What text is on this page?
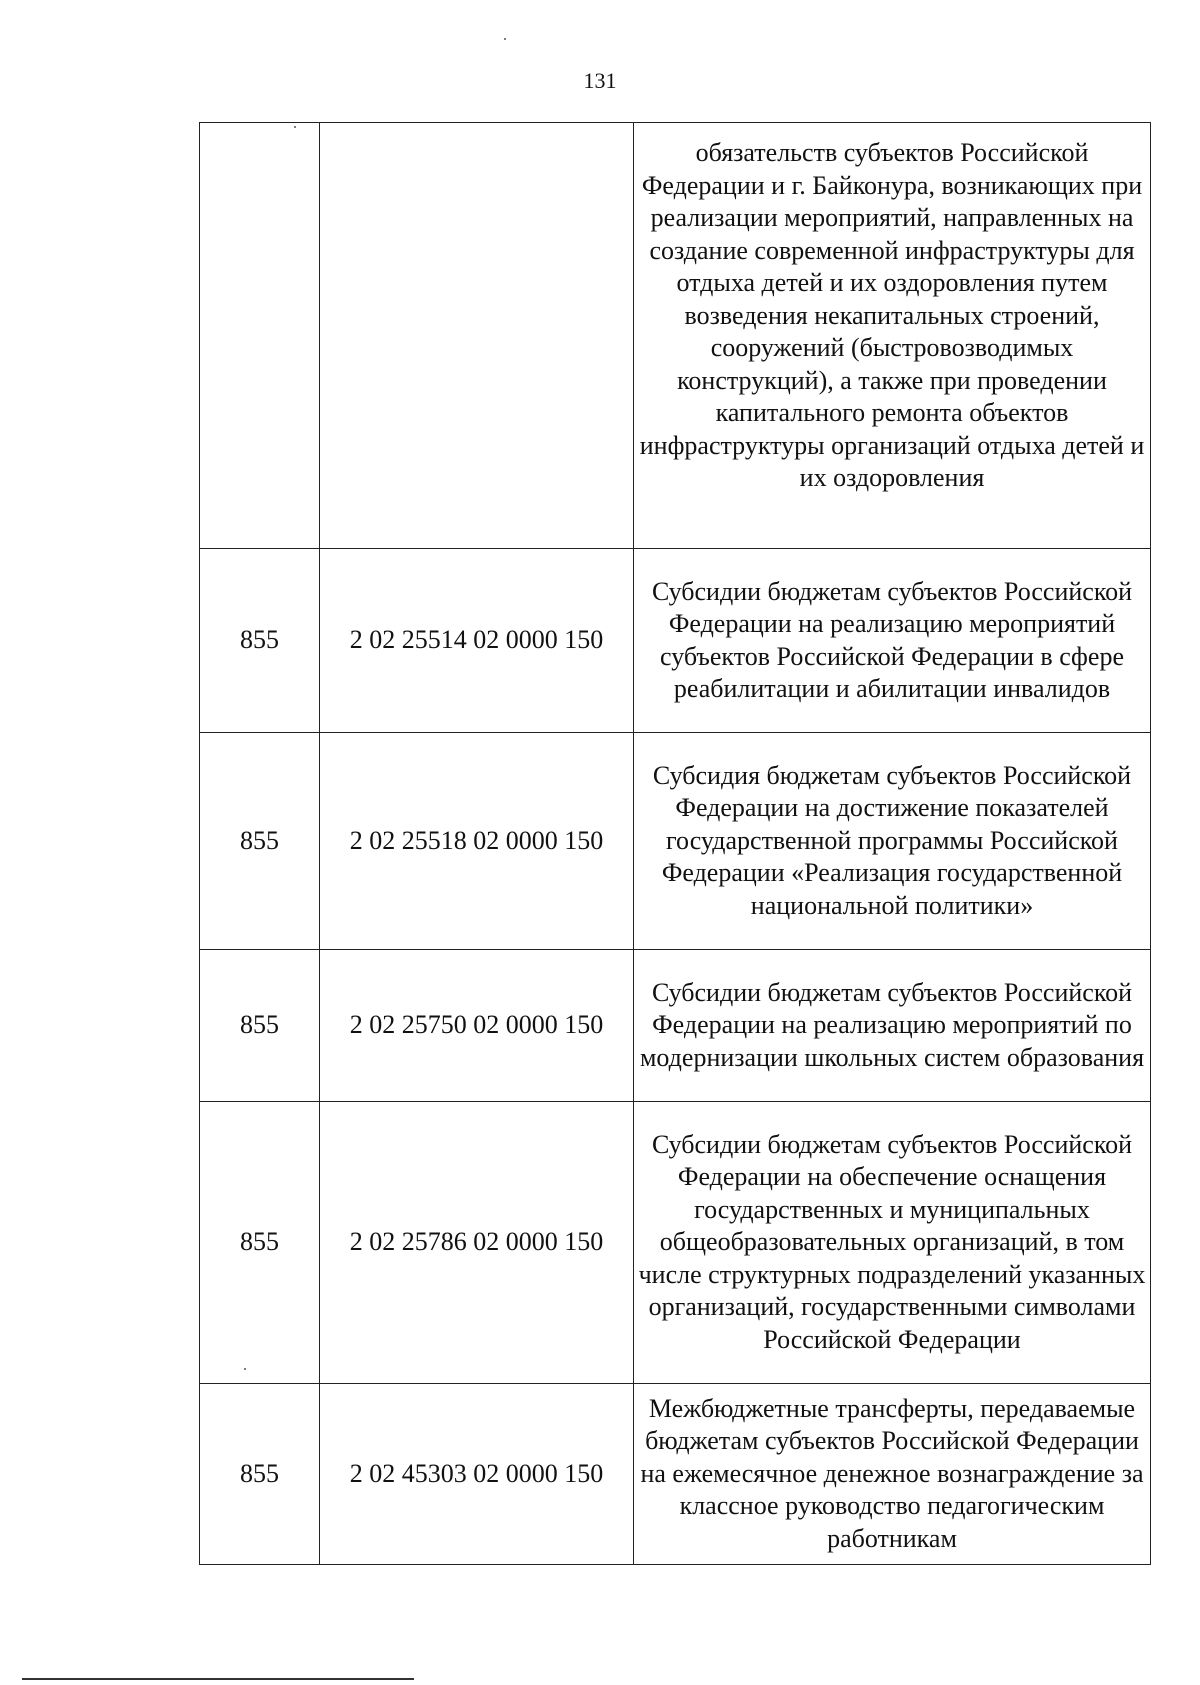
131

		обязательств субъектов Российской Федерации и г. Байконура, возникающих при реализации мероприятий, направленных на создание современной инфраструктуры для отдыха детей и их оздоровления путем возведения некапитальных строений, сооружений (быстровозводимых конструкций), а также при проведении капитального ремонта объектов инфраструктуры организаций отдыха детей и их оздоровления

855	2 02 25514 02 0000 150	Субсидии бюджетам субъектов Российской Федерации на реализацию мероприятий субъектов Российской Федерации в сфере реабилитации и абилитации инвалидов

855	2 02 25518 02 0000 150	Субсидия бюджетам субъектов Российской Федерации на достижение показателей государственной программы Российской Федерации «Реализация государственной национальной политики»

855	2 02 25750 02 0000 150	Субсидии бюджетам субъектов Российской Федерации на реализацию мероприятий по модернизации школьных систем образования

855	2 02 25786 02 0000 150	Субсидии бюджетам субъектов Российской Федерации на обеспечение оснащения государственных и муниципальных общеобразовательных организаций, в том числе структурных подразделений указанных организаций, государственными символами Российской Федерации

855	2 02 45303 02 0000 150	Межбюджетные трансферты, передаваемые бюджетам субъектов Российской Федерации на ежемесячное денежное вознаграждение за классное руководство педагогическим работникам
